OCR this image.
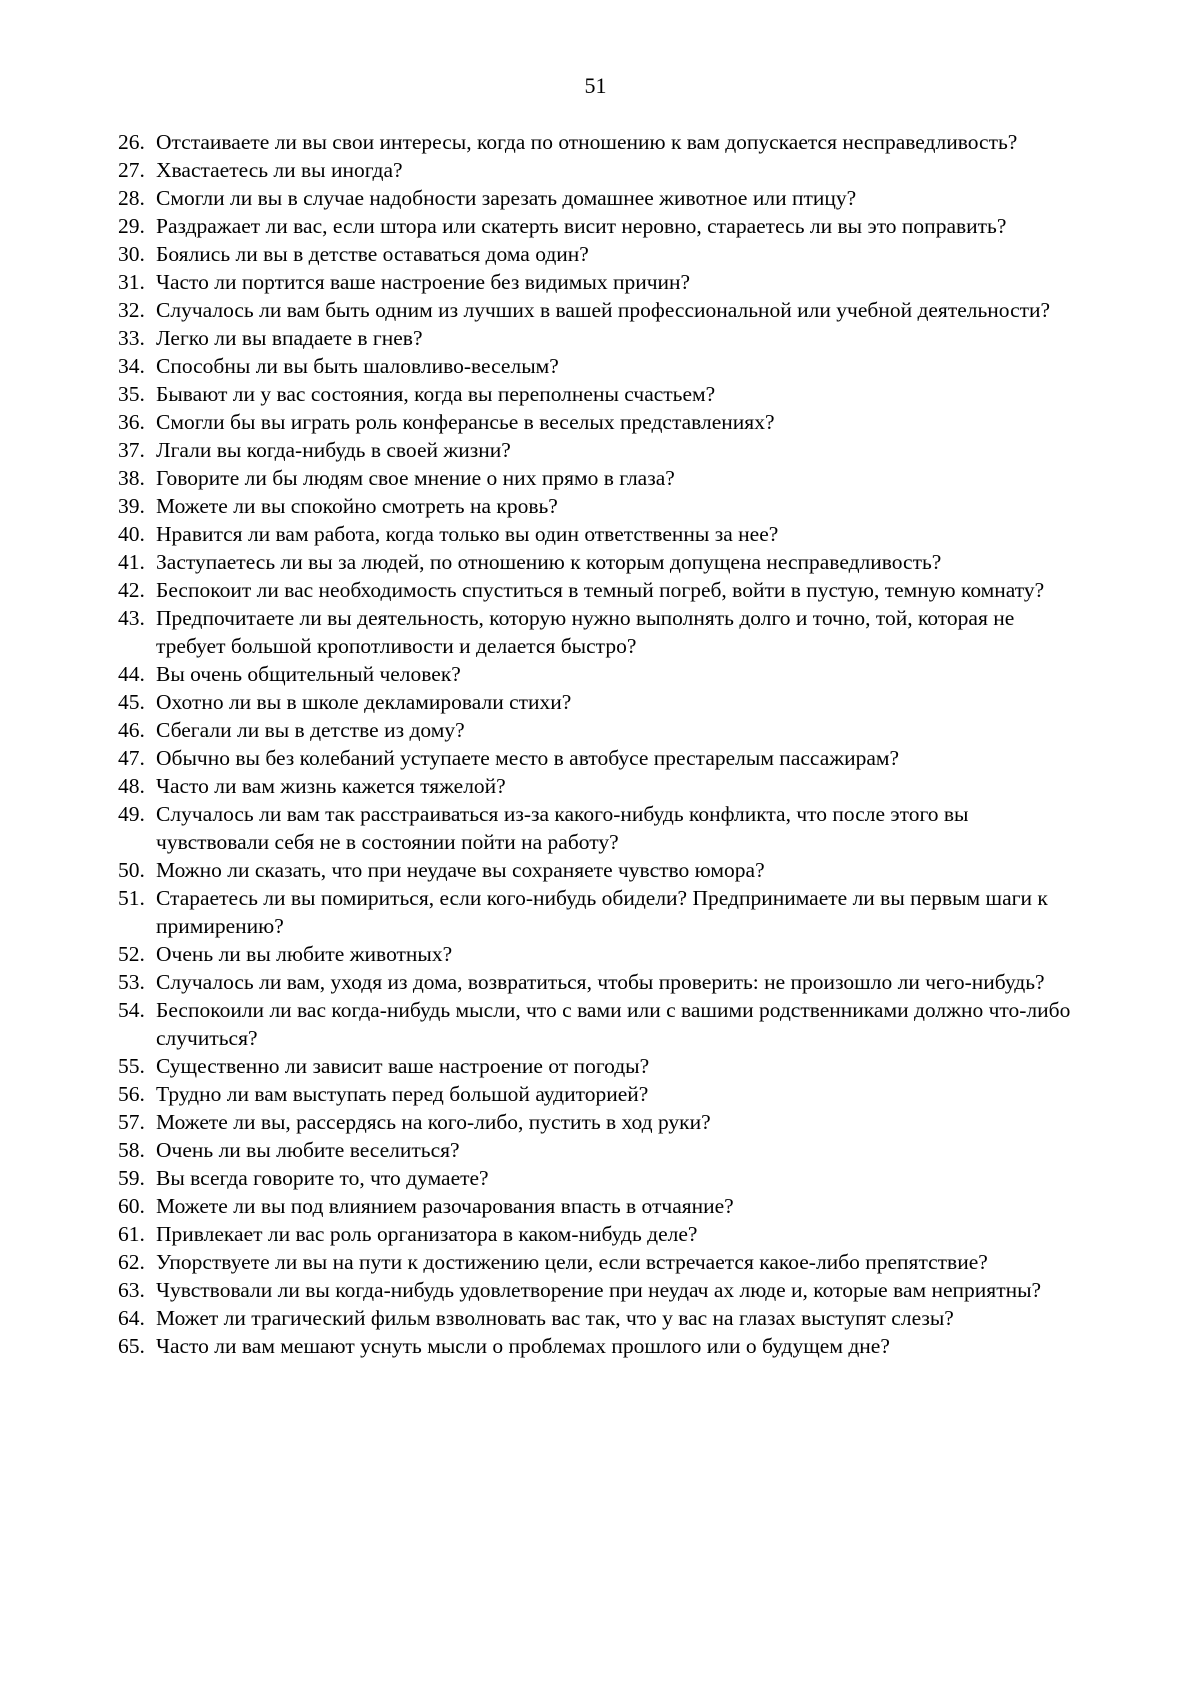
51
26. Отстаиваете ли вы свои интересы, когда по отношению к вам допускается несправедливость?
27. Хвастаетесь ли вы иногда?
28. Смогли ли вы в случае надобности зарезать домашнее животное или птицу?
29. Раздражает ли вас, если штора или скатерть висит неровно, стараетесь ли вы это поправить?
30. Боялись ли вы в детстве оставаться дома один?
31. Часто ли портится ваше настроение без видимых причин?
32. Случалось ли вам быть одним из лучших в вашей профессиональной или учебной деятельности?
33. Легко ли вы впадаете в гнев?
34. Способны ли вы быть шаловливо-веселым?
35. Бывают ли у вас состояния, когда вы переполнены счастьем?
36. Смогли бы вы играть роль конферансье в веселых представлениях?
37. Лгали вы когда-нибудь в своей жизни?
38. Говорите ли бы людям свое мнение о них прямо в глаза?
39. Можете ли вы спокойно смотреть на кровь?
40. Нравится ли вам работа, когда только вы один ответственны за нее?
41. Заступаетесь ли вы за людей, по отношению к которым допущена несправедливость?
42. Беспокоит ли вас необходимость спуститься в темный погреб, войти в пустую, темную комнату?
43. Предпочитаете ли вы деятельность, которую нужно выполнять долго и точно, той, которая не требует большой кропотливости и делается быстро?
44. Вы очень общительный человек?
45. Охотно ли вы в школе декламировали стихи?
46. Сбегали ли вы в детстве из дому?
47. Обычно вы без колебаний уступаете место в автобусе престарелым пассажирам?
48. Часто ли вам жизнь кажется тяжелой?
49. Случалось ли вам так расстраиваться из-за какого-нибудь конфликта, что после этого вы чувствовали себя не в состоянии пойти на работу?
50. Можно ли сказать, что при неудаче вы сохраняете чувство юмора?
51. Стараетесь ли вы помириться, если кого-нибудь обидели? Предпринимаете ли вы первым шаги к примирению?
52. Очень ли вы любите животных?
53. Случалось ли вам, уходя из дома, возвратиться, чтобы проверить: не произошло ли чего-нибудь?
54. Беспокоили ли вас когда-нибудь мысли, что с вами или с вашими родственниками должно что-либо случиться?
55. Существенно ли зависит ваше настроение от погоды?
56. Трудно ли вам выступать перед большой аудиторией?
57. Можете ли вы, рассердясь на кого-либо, пустить в ход руки?
58. Очень ли вы любите веселиться?
59. Вы всегда говорите то, что думаете?
60. Можете ли вы под влиянием разочарования впасть в отчаяние?
61. Привлекает ли вас роль организатора в каком-нибудь деле?
62. Упорствуете ли вы на пути к достижению цели, если встречается какое-либо препятствие?
63. Чувствовали ли вы когда-нибудь удовлетворение при неудач ах люде и, которые вам неприятны?
64. Может ли трагический фильм взволновать вас так, что у вас на глазах выступят слезы?
65. Часто ли вам мешают уснуть мысли о проблемах прошлого или о будущем дне?
